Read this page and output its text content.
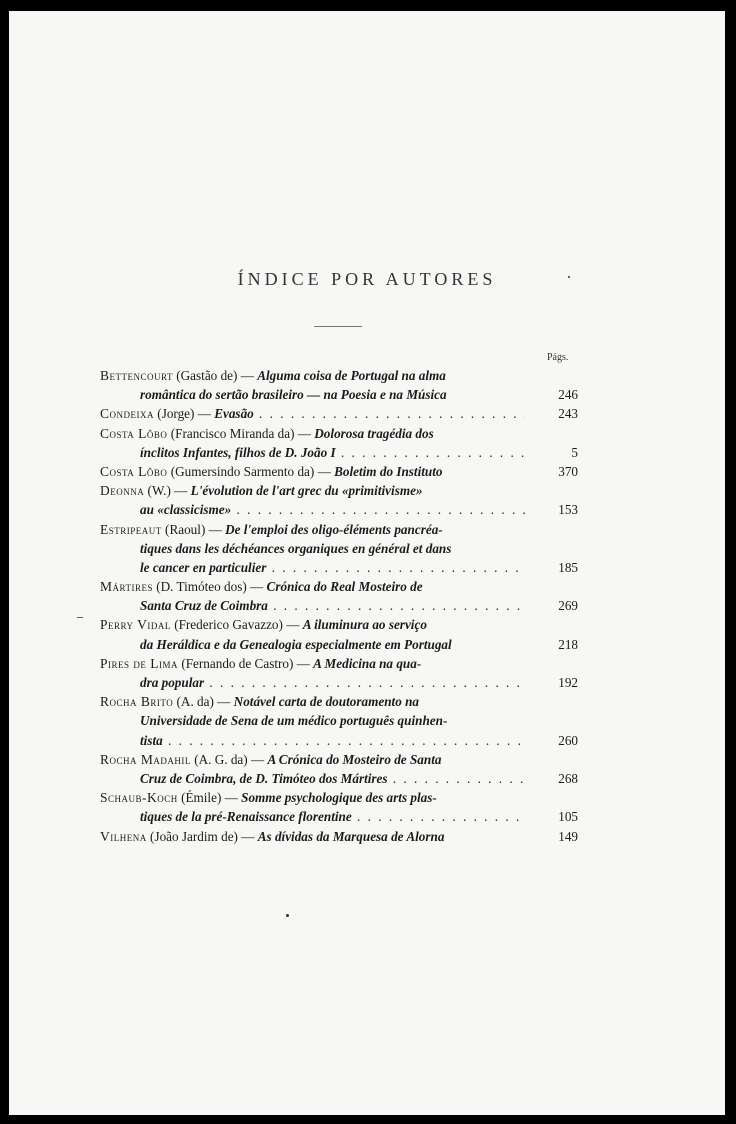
ÍNDICE POR AUTORES
Págs.
Bettencourt (Gastão de) — Alguma coisa de Portugal na alma
romântica do sertão brasileiro — na Poesia e na Música	246
Condeixa (Jorge) — Evasão . . .	243
Costa Lôbo (Francisco Miranda da) — Dolorosa tragédia dos
ínclitos Infantes, filhos de D. João I . . .	5
Costa Lôbo (Gumersindo Sarmento da) — Boletim do Instituto	370
Deonna (W.) — L'évolution de l'art grec du «primitivisme»
au «classicisme» . . .	153
Estripeaut (Raoul) — De l'emploi des oligo-éléments pancréa-
tiques dans les déchéances organiques en général et dans
le cancer en particulier . . .	185
Mártires (D. Timóteo dos) — Crónica do Real Mosteiro de
Santa Cruz de Coimbra . . .	269
Perry Vidal (Frederico Gavazzo) — A iluminura ao serviço
da Heráldica e da Genealogia especialmente em Portugal	218
Pires de Lima (Fernando de Castro) — A Medicina na qua-
dra popular . . .	192
Rocha Brito (A. da) — Notável carta de doutoramento na
Universidade de Sena de um médico português quinhen-
tista . . .	260
Rocha Madahil (A. G. da) — A Crónica do Mosteiro de Santa
Cruz de Coimbra, de D. Timóteo dos Mártires . . .	268
Schaub-Koch (Émile) — Somme psychologique des arts plas-
tiques de la pré-Renaissance florentine . . .	105
Vilhena (João Jardim de) — As dívidas da Marquesa de Alorna	149
